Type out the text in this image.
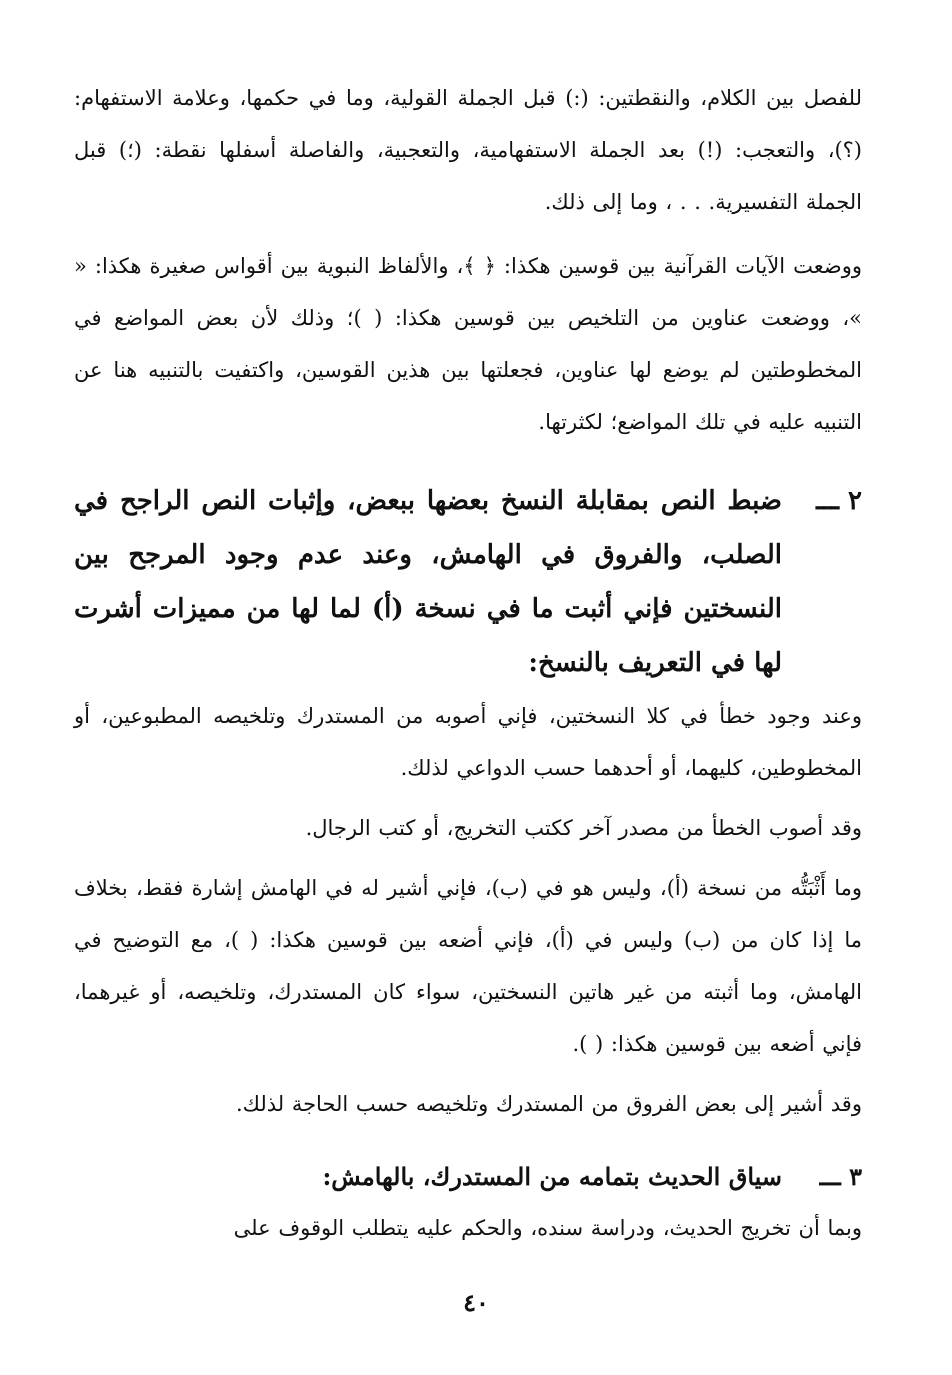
للفصل بين الكلام، والنقطتين: (:) قبل الجملة القولية، وما في حكمها، وعلامة الاستفهام: (؟)، والتعجب: (!) بعد الجملة الاستفهامية، والتعجبية، والفاصلة أسفلها نقطة: (؛) قبل الجملة التفسيرية. . . ، وما إلى ذلك.

ووضعت الآيات القرآنية بين قوسين هكذا: ﴿ ﴾، والألفاظ النبوية بين أقواس صغيرة هكذا: « »، ووضعت عناوين من التلخيص بين قوسين هكذا: ( )؛ وذلك لأن بعض المواضع في المخطوطتين لم يوضع لها عناوين، فجعلتها بين هذين القوسين، واكتفيت بالتنبيه هنا عن التنبيه عليه في تلك المواضع؛ لكثرتها.

٢ ـــ
ضبط النص بمقابلة النسخ بعضها ببعض، وإثبات النص الراجح في الصلب، والفروق في الهامش، وعند عدم وجود المرجح بين النسختين فإني أثبت ما في نسخة (أ) لما لها من مميزات أشرت لها في التعريف بالنسخ:

وعند وجود خطأ في كلا النسختين، فإني أصوبه من المستدرك وتلخيصه المطبوعين، أو المخطوطين، كليهما، أو أحدهما حسب الدواعي لذلك.

وقد أصوب الخطأ من مصدر آخر ككتب التخريج، أو كتب الرجال.

وما أَثْبَتُّه من نسخة (أ)، وليس هو في (ب)، فإني أشير له في الهامش إشارة فقط، بخلاف ما إذا كان من (ب) وليس في (أ)، فإني أضعه بين قوسين هكذا: ( )، مع التوضيح في الهامش، وما أثبته من غير هاتين النسختين، سواء كان المستدرك، وتلخيصه، أو غيرهما، فإني أضعه بين قوسين هكذا: ( ).

وقد أشير إلى بعض الفروق من المستدرك وتلخيصه حسب الحاجة لذلك.

٣ ـــ
سياق الحديث بتمامه من المستدرك، بالهامش:

وبما أن تخريج الحديث، ودراسة سنده، والحكم عليه يتطلب الوقوف على

٤٠
